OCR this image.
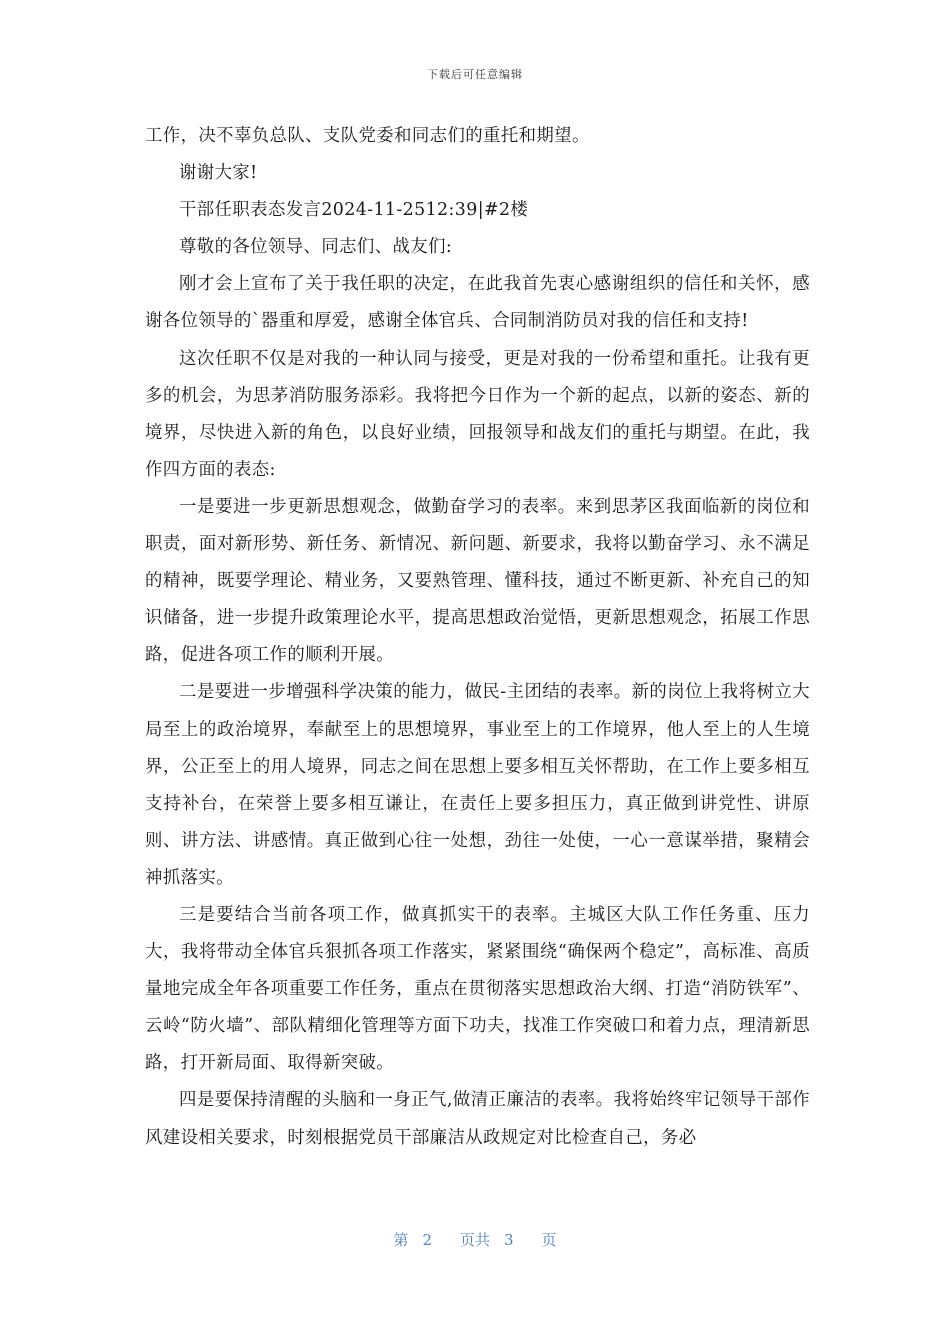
下载后可任意编辑

工作，决不辜负总队、支队党委和同志们的重托和期望。

谢谢大家!

干部任职表态发言2024-11-2512:39|#2楼

尊敬的各位领导、同志们、战友们:

刚才会上宣布了关于我任职的决定，在此我首先衷心感谢组织的信任和关怀，感谢各位领导的`器重和厚爱，感谢全体官兵、合同制消防员对我的信任和支持!

这次任职不仅是对我的一种认同与接受，更是对我的一份希望和重托。让我有更多的机会，为思茅消防服务添彩。我将把今日作为一个新的起点，以新的姿态、新的境界，尽快进入新的角色，以良好业绩，回报领导和战友们的重托与期望。在此，我作四方面的表态:

一是要进一步更新思想观念，做勤奋学习的表率。来到思茅区我面临新的岗位和职责，面对新形势、新任务、新情况、新问题、新要求，我将以勤奋学习、永不满足的精神，既要学理论、精业务，又要熟管理、懂科技，通过不断更新、补充自己的知识储备，进一步提升政策理论水平，提高思想政治觉悟，更新思想观念，拓展工作思路，促进各项工作的顺利开展。

二是要进一步增强科学决策的能力，做民-主团结的表率。新的岗位上我将树立大局至上的政治境界，奉献至上的思想境界，事业至上的工作境界，他人至上的人生境界，公正至上的用人境界，同志之间在思想上要多相互关怀帮助，在工作上要多相互支持补台，在荣誉上要多相互谦让，在责任上要多担压力，真正做到讲党性、讲原则、讲方法、讲感情。真正做到心往一处想，劲往一处使，一心一意谋举措，聚精会神抓落实。

三是要结合当前各项工作，做真抓实干的表率。主城区大队工作任务重、压力大，我将带动全体官兵狠抓各项工作落实，紧紧围绕“确保两个稳定”，高标准、高质量地完成全年各项重要工作任务，重点在贯彻落实思想政治大纲、打造“消防铁军”、云岭“防火墙”、部队精细化管理等方面下功夫，找准工作突破口和着力点，理清新思路，打开新局面、取得新突破。

四是要保持清醒的头脑和一身正气,做清正廉洁的表率。我将始终牢记领导干部作风建设相关要求，时刻根据党员干部廉洁从政规定对比检查自己，务必

第 2 页共 3 页
